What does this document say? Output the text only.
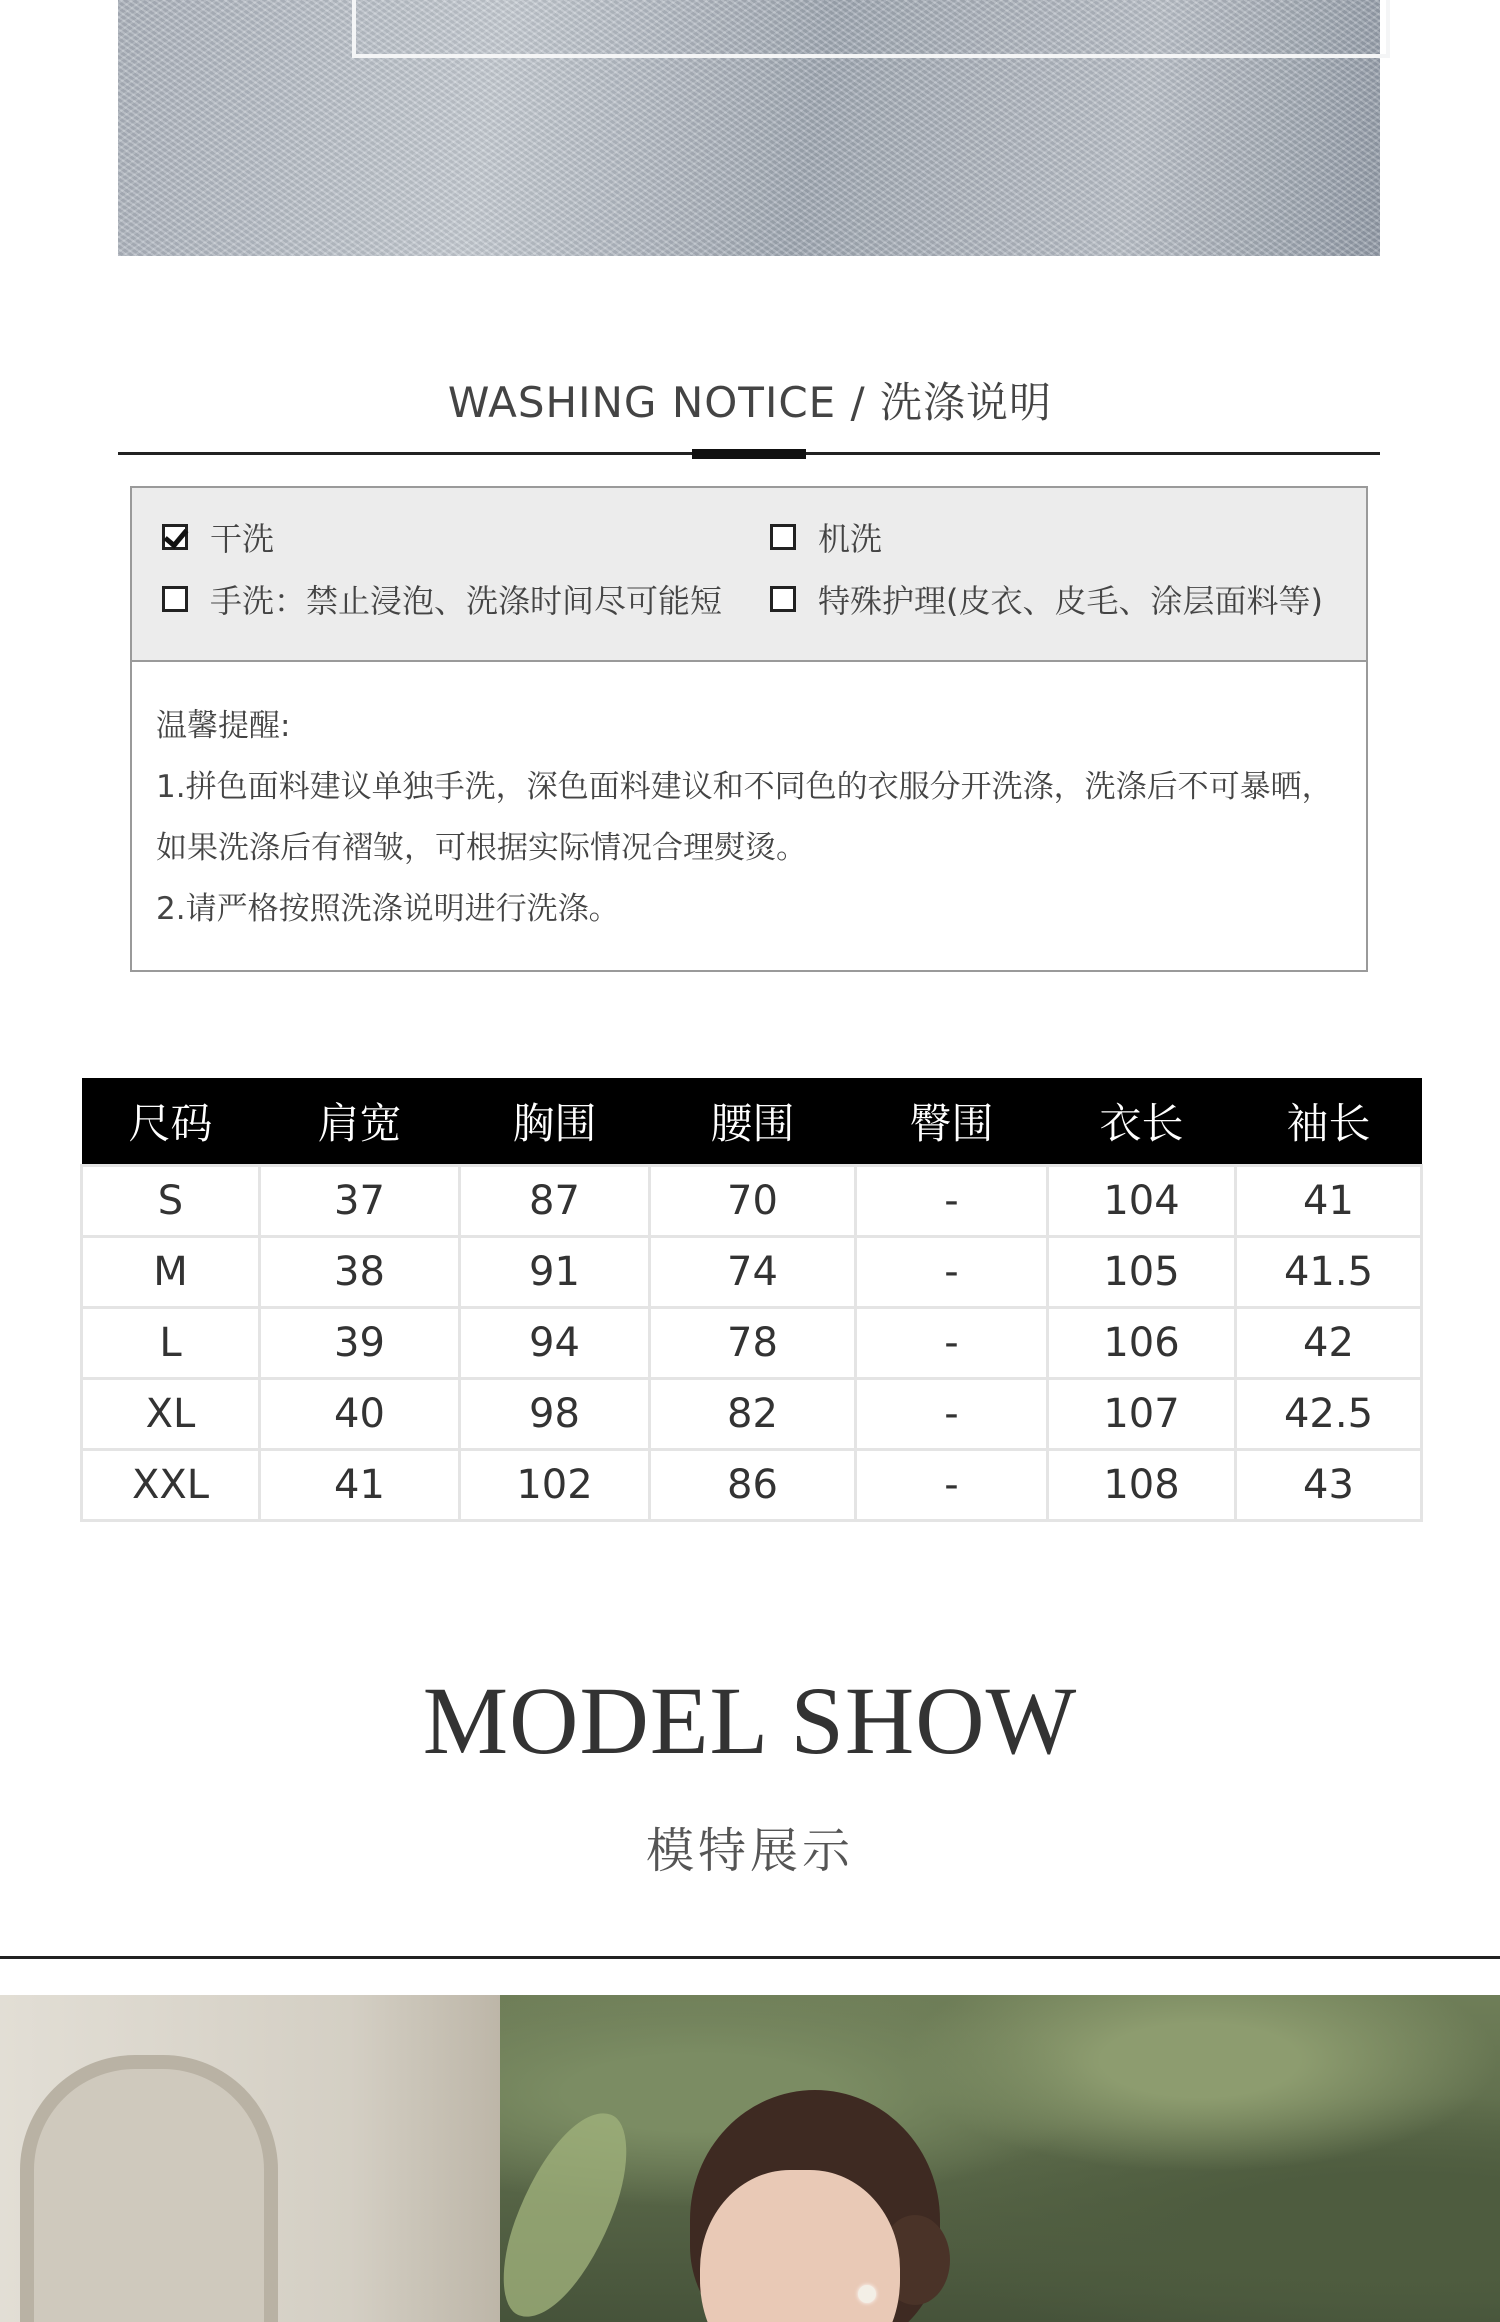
WASHING NOTICE / 洗涤说明
干洗	机洗
手洗：禁止浸泡、洗涤时间尽可能短	特殊护理(皮衣、皮毛、涂层面料等)
温馨提醒:
1.拼色面料建议单独手洗，深色面料建议和不同色的衣服分开洗涤，洗涤后不可暴晒，
如果洗涤后有褶皱，可根据实际情况合理熨烫。
2.请严格按照洗涤说明进行洗涤。
尺码	肩宽	胸围	腰围	臀围	衣长	袖长
S	37	87	70	-	104	41
M	38	91	74	-	105	41.5
L	39	94	78	-	106	42
XL	40	98	82	-	107	42.5
XXL	41	102	86	-	108	43
MODEL SHOW
模特展示
